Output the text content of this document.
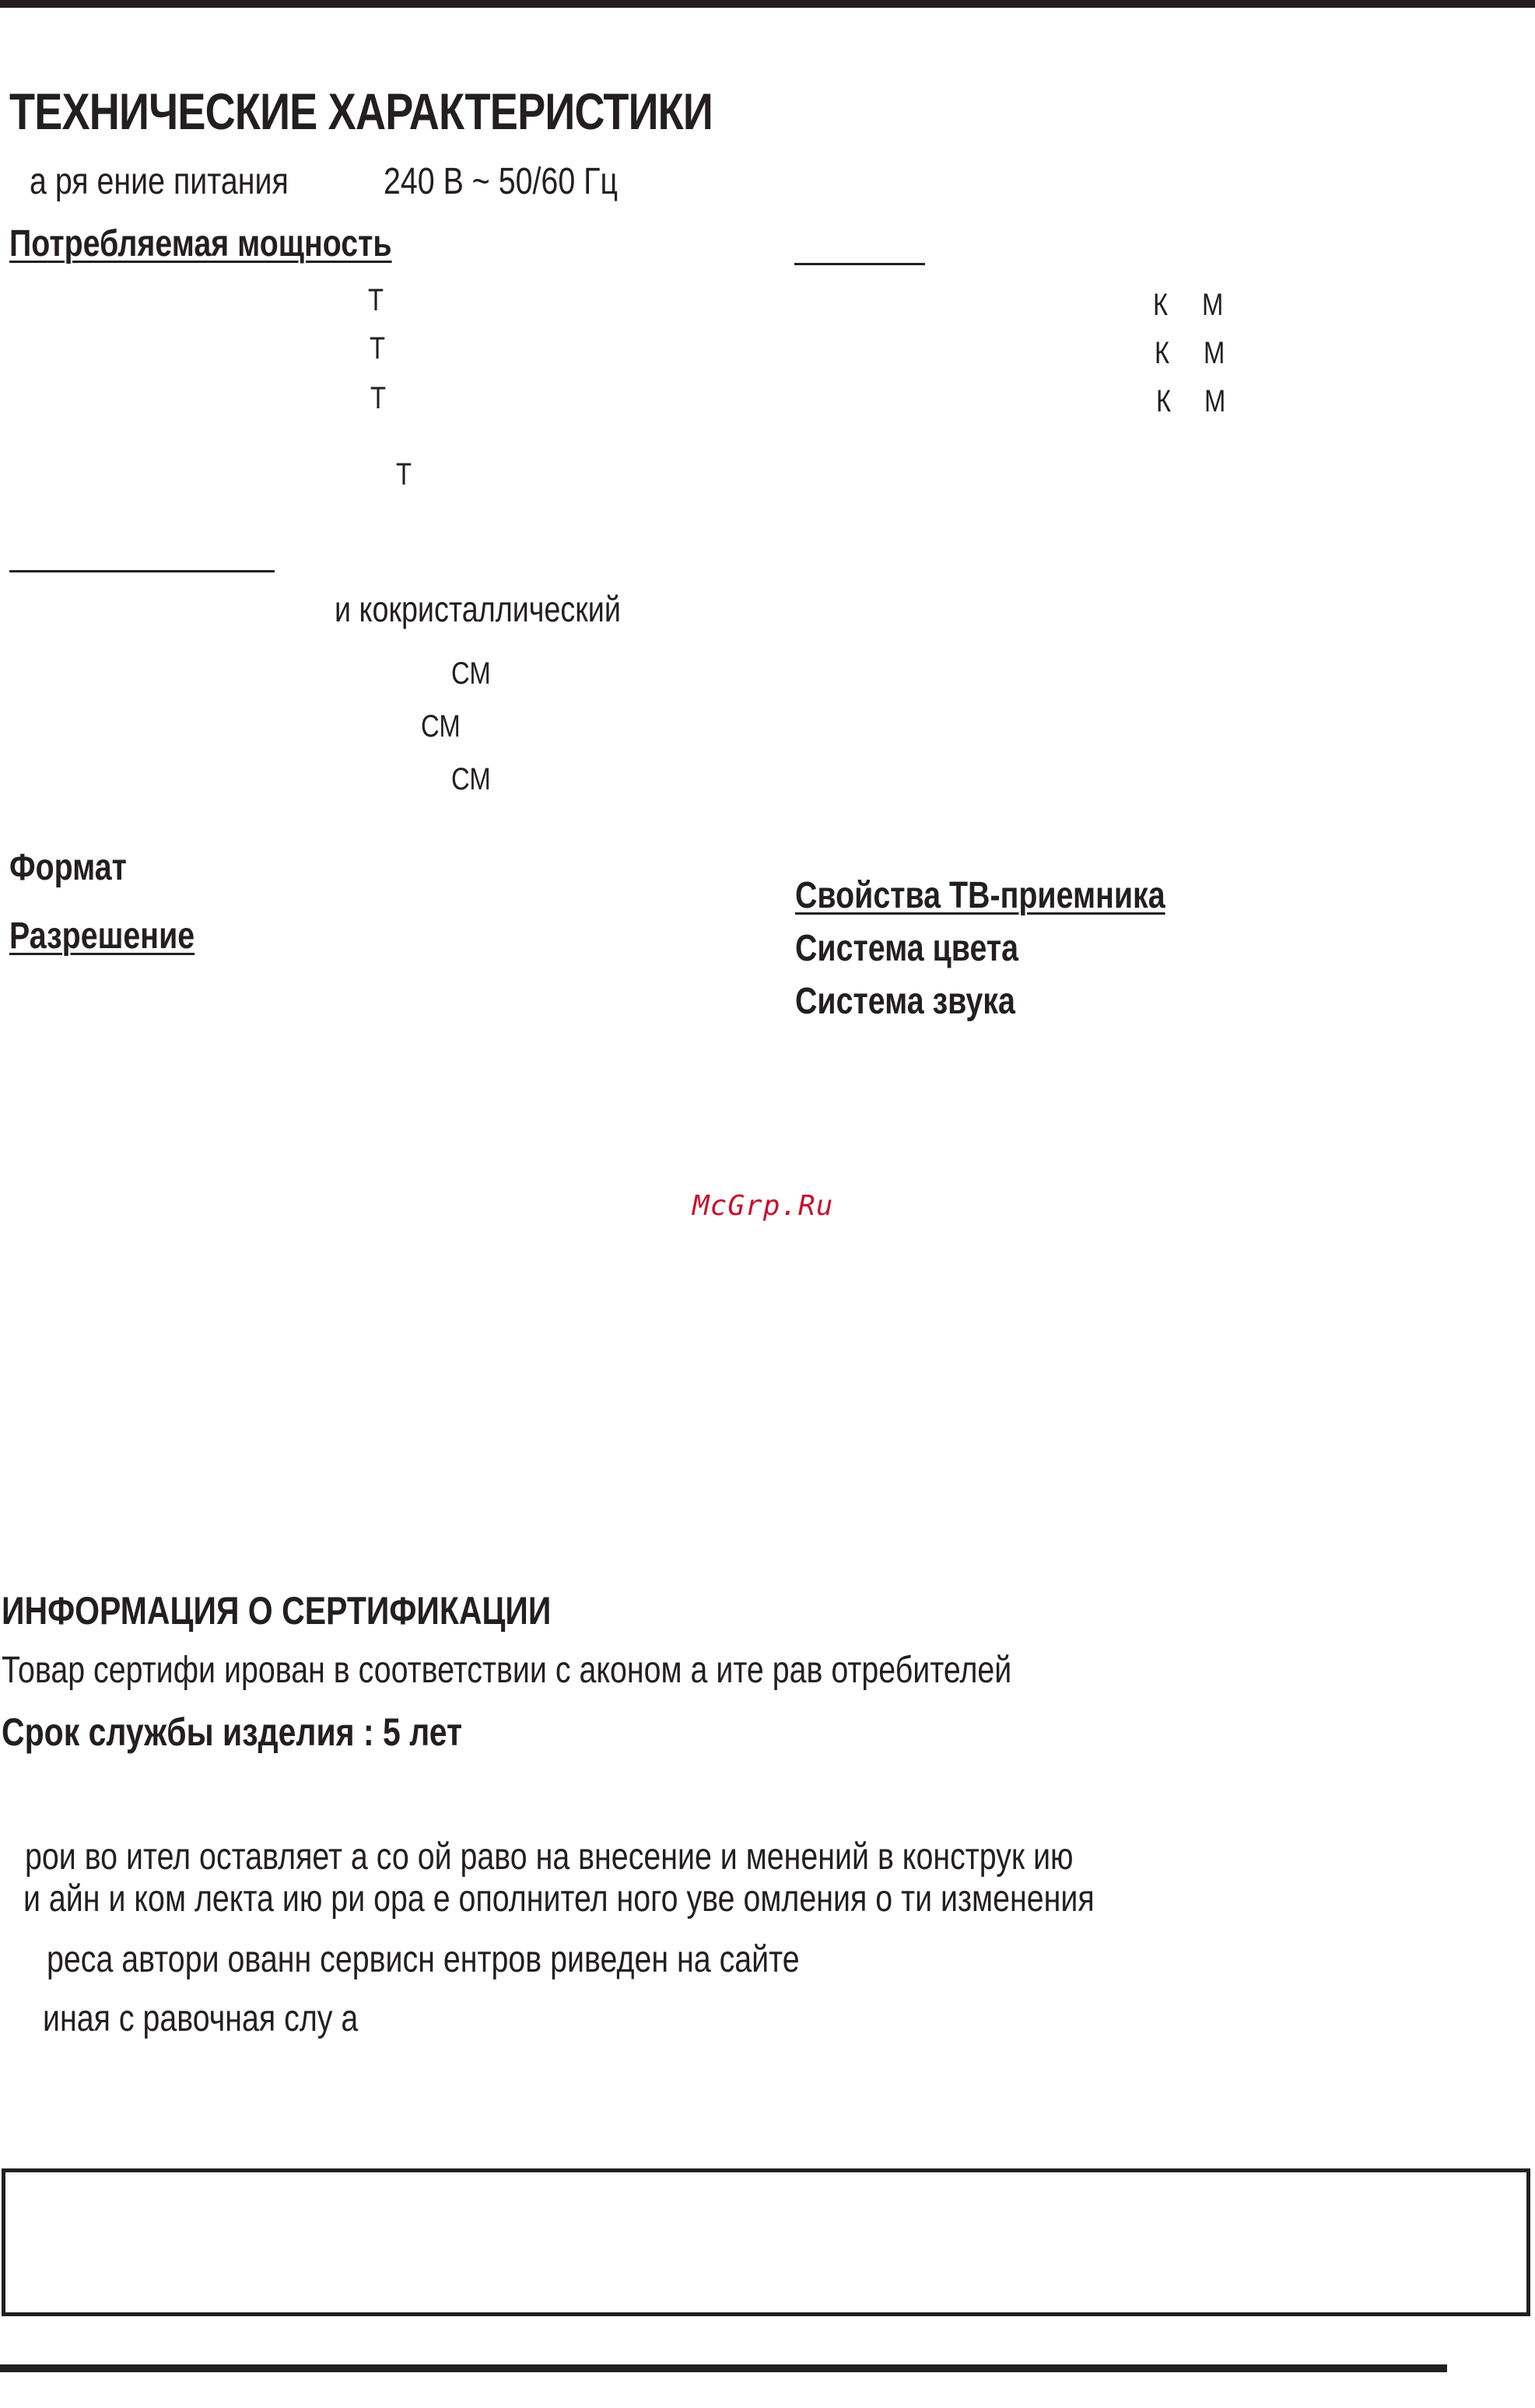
ТЕХНИЧЕСКИЕ ХАРАКТЕРИСТИКИ
а ря ение питания	240 В ~ 50/60 Гц
Потребляемая мощность
Т
Т
Т
Т
К М
К М
К М
и кокристаллический
СМ
СМ
СМ
Формат
Разрешение
Свойства ТВ-приемника
Система цвета
Система звука
McGrp.Ru
ИНФОРМАЦИЯ О СЕРТИФИКАЦИИ
Товар сертифи ирован в соответствии с аконом а ите рав отребителей
Срок службы изделия : 5 лет
рои во ител оставляет а со ой раво на внесение и менений в конструк ию
и айн и ком лекта ию ри ора е ополнител ного уве омления о ти изменения
реса автори ованн сервисн ентров риведен на сайте
иная с равочная слу а
